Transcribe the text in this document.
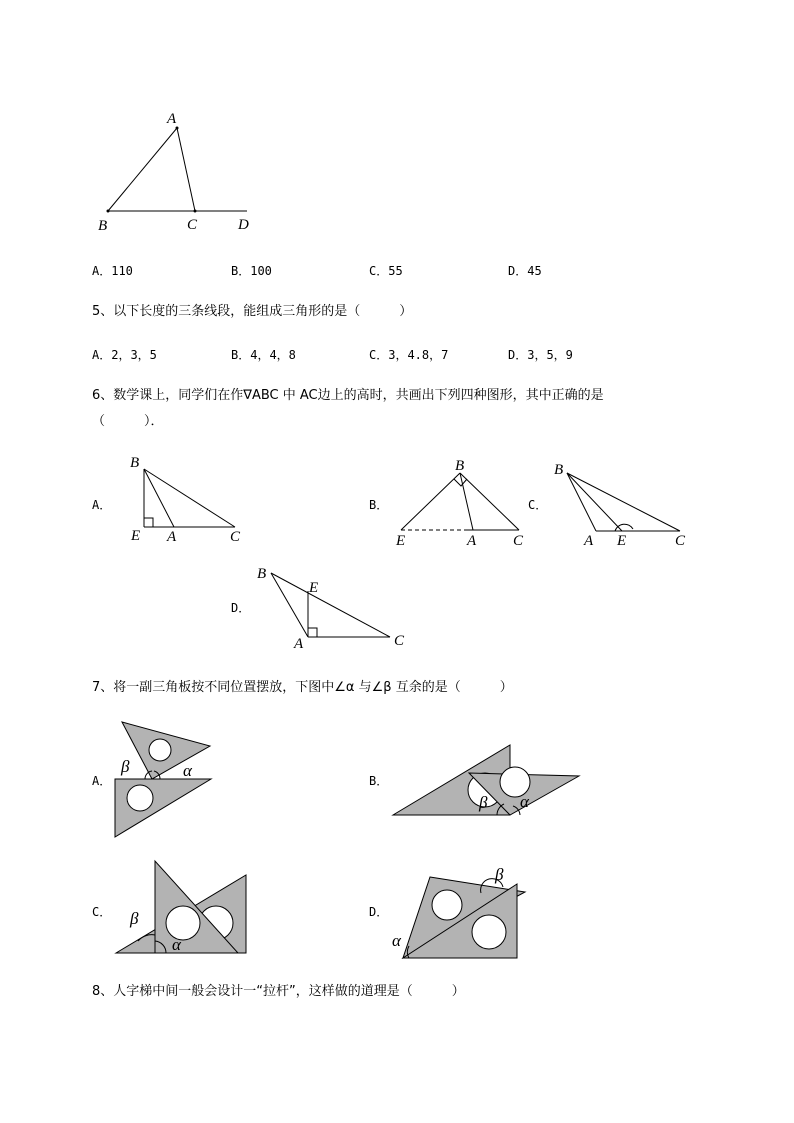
A
B	C	D
A．110	B．100	C．55	D．45
5、以下长度的三条线段，能组成三角形的是（　　　）
A．2，3，5	B．4，4，8	C．3，4.8，7	D．3，5，9
6、数学课上，同学们在作∇ABC 中 AC边上的高时，共画出下列四种图形，其中正确的是
（　　　）．
A．	B．	C．
D．
B
E A	C
B
E	A C
B
A E	C
B
E
A	C
7、将一副三角板按不同位置摆放，下图中∠α 与∠β 互余的是（　　　）
A．	B．
C．	D．
β	α
β α
β
α
β
α
8、人字梯中间一般会设计一“拉杆”，这样做的道理是（　　　）
